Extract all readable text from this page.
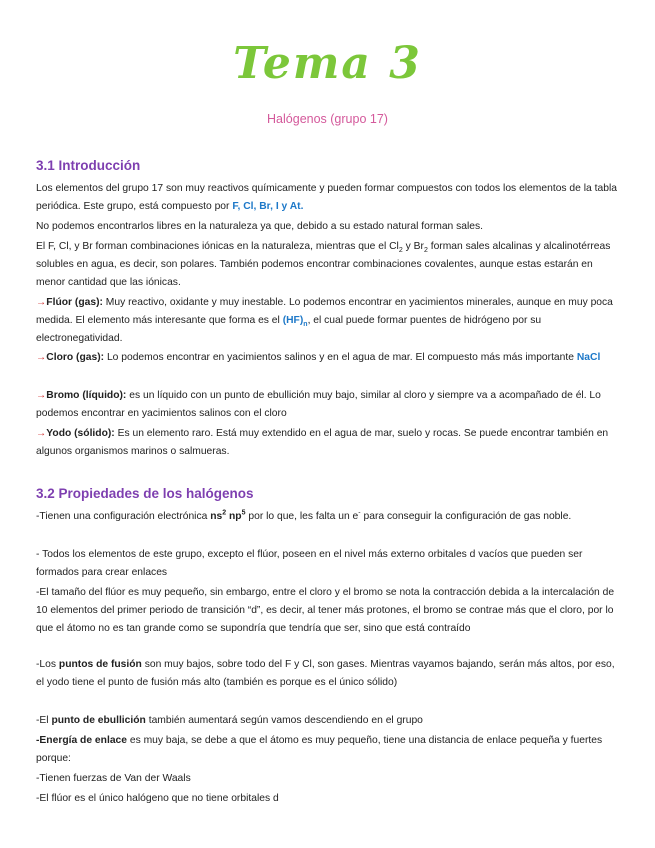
Tema 3

Halógenos (grupo 17)

3.1 Introducción

Los elementos del grupo 17 son muy reactivos químicamente y pueden formar compuestos con todos los elementos de la tabla periódica. Este grupo, está compuesto por F, Cl, Br, I y At.

No podemos encontrarlos libres en la naturaleza ya que, debido a su estado natural forman sales.

El F, Cl, y Br forman combinaciones iónicas en la naturaleza, mientras que el $Cl_2$ y $Br_2$ forman sales alcalinas y alcalinotérreas solubles en agua, es decir, son polares. También podemos encontrar combinaciones covalentes, aunque estas estarán en menor cantidad que las iónicas.

→Flúor (gas): Muy reactivo, oxidante y muy inestable. Lo podemos encontrar en yacimientos minerales, aunque en muy poca medida. El elemento más interesante que forma es el $(HF)_n$, el cual puede formar puentes de hidrógeno por su electronegatividad.

→Cloro (gas): Lo podemos encontrar en yacimientos salinos y en el agua de mar. El compuesto más más importante NaCl

→Bromo (líquido): es un líquido con un punto de ebullición muy bajo, similar al cloro y siempre va a acompañado de él. Lo podemos encontrar en yacimientos salinos con el cloro

→Yodo (sólido): Es un elemento raro. Está muy extendido en el agua de mar, suelo y rocas. Se puede encontrar también en algunos organismos marinos o salmueras.

3.2 Propiedades de los halógenos

-Tienen una configuración electrónica $ns^2$ $np^5$ por lo que, les falta un e- para conseguir la configuración de gas noble.

- Todos los elementos de este grupo, excepto el flúor, poseen en el nivel más externo orbitales d vacíos que pueden ser formados para crear enlaces

-El tamaño del flúor es muy pequeño, sin embargo, entre el cloro y el bromo se nota la contracción debida a la intercalación de 10 elementos del primer periodo de transición “d”, es decir, al tener más protones, el bromo se contrae más que el cloro, por lo que el átomo no es tan grande como se supondría que tendría que ser, sino que está contraído

-Los puntos de fusión son muy bajos, sobre todo del F y Cl, son gases. Mientras vayamos bajando, serán más altos, por eso, el yodo tiene el punto de fusión más alto (también es porque es el único sólido)

-El punto de ebullición también aumentará según vamos descendiendo en el grupo

-Energía de enlace es muy baja, se debe a que el átomo es muy pequeño, tiene una distancia de enlace pequeña y fuertes porque:

-Tienen fuerzas de Van der Waals

-El flúor es el único halógeno que no tiene orbitales d
